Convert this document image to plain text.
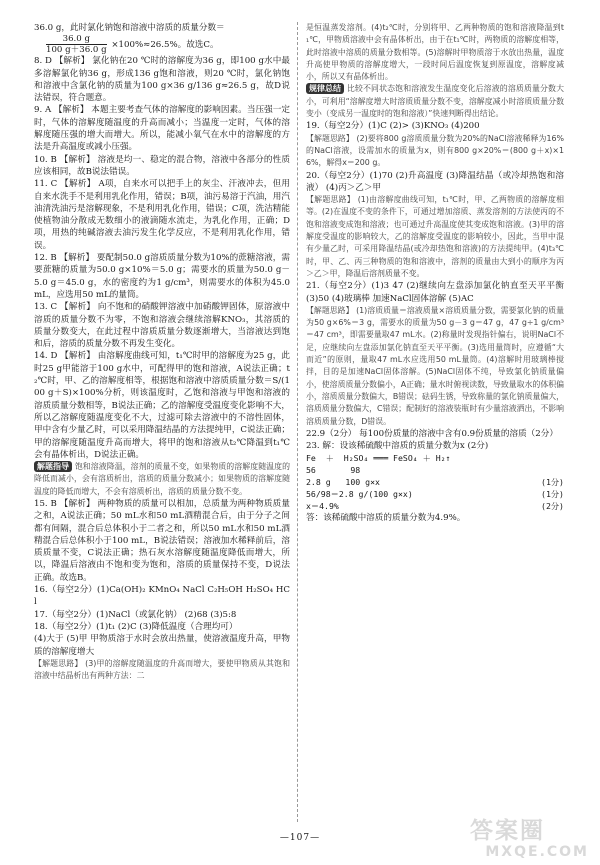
36.0 g，此时氯化钠饱和溶液中溶质的质量分数＝

$\frac{36.0 g}{100 g+36.0 g} \times 100\%\approx 26.5\%$。故选C。

8. D 【解析】 氯化钠在20 ℃时的溶解度为36 g，即100 g水中最多溶解氯化钠36 g，形成136 g饱和溶液，则20 ℃时，氯化钠饱和溶液中含氯化钠的质量为100 g×36 g/136 g≈26.5 g，故D说法错误，符合题意。

9. A 【解析】 本题主要考查气体的溶解度的影响因素。当压强一定时，气体的溶解度随温度的升高而减小；当温度一定时，气体的溶解度随压强的增大而增大。所以，能减小氧气在水中的溶解度的方法是升高温度或减小压强。

10. B 【解析】 溶液是均一、稳定的混合物，溶液中各部分的性质应该相同，故B说法错误。

11. C 【解析】 A项，自来水可以把手上的灰尘、汗液冲去，但用自来水洗手不是利用乳化作用，错误；B项，油污易溶于汽油，用汽油清洗油污是溶解现象，不是利用乳化作用，错误；C项，洗洁精能使植物油分散成无数细小的液滴随水流走，为乳化作用，正确；D项，用热的纯碱溶液去油污发生化学反应，不是利用乳化作用，错误。

12. B 【解析】 要配制50.0 g溶质质量分数为10%的蔗糖溶液，需要蔗糖的质量为50.0 g×10%＝5.0 g；需要水的质量为50.0 g－5.0 g＝45.0 g，水的密度约为1 g/cm³，则需要水的体积为45.0 mL，应选用50 mL的量筒。

13. C 【解析】 向不饱和的硝酸钾溶液中加硝酸钾固体，原溶液中溶质的质量分数不为零，不饱和溶液会继续溶解KNO₃，其溶质的质量分数变大，在此过程中溶质质量分数逐渐增大，当溶液达到饱和后，溶质的质量分数不再发生变化。

14. D 【解析】 由溶解度曲线可知，t₁℃时甲的溶解度为25 g，此时25 g甲能溶于100 g水中，可配得甲的饱和溶液，A说法正确；t₂℃时，甲、乙的溶解度相等，根据饱和溶液中溶质质量分数＝S/(100 g＋S)×100%分析，则该温度时，乙饱和溶液与甲饱和溶液的溶质质量分数相等，B说法正确；乙的溶解度受温度变化影响不大，所以乙溶解度随温度变化不大，过滤可除去溶液中的不溶性固体，甲中含有少量乙时，可以采用降温结晶的方法提纯甲，C说法正确；甲的溶解度随温度升高而增大，将甲的饱和溶液从t₂℃降温到t₁℃会有晶体析出，D说法正确。

解题指导 饱和溶液降温，溶剂的质量不变，如果物质的溶解度随温度的降低而减小，会有溶质析出，溶质的质量分数减小；如果物质的溶解度随温度的降低而增大，不会有溶质析出，溶质的质量分数不变。

15. B 【解析】 两种物质的质量可以相加，总质量为两种物质质量之和，A说法正确；50 mL水和50 mL酒精混合后，由于分子之间都有间隔，混合后总体积小于二者之和，所以50 mL水和50 mL酒精混合后总体积小于100 mL，B说法错误；溶液加水稀释前后，溶质质量不变，C说法正确；热石灰水溶解度随温度降低而增大，所以，降温后溶液由不饱和变为饱和，溶质的质量保持不变，D说法正确。故选B。

16.（每空2分）(1)Ca(OH)₂ KMnO₄ NaCl C₂H₅OH H₂SO₄ HCl

17.（每空2分）(1)NaCl（或氯化钠） (2)68 (3)5:8

18.（每空2分）(1)t₁ (2)C (3)降低温度（合理均可）

(4)大于 (5)甲 甲物质溶于水时会放出热量，使溶液温度升高，甲物质的溶解度增大

【解题思路】 (3)甲的溶解度随温度的升高而增大，要使甲物质从其饱和溶液中结晶析出有两种方法：二

是恒温蒸发溶剂。(4)t₂℃时，分别将甲、乙两种物质的饱和溶液降温到t₁℃，甲物质溶液中会有晶体析出，由于在t₁℃时，两物质的溶解度相等，此时溶液中溶质的质量分数相等。(5)溶解时甲物质溶于水放出热量，温度升高使甲物质的溶解度增大，一段时间后温度恢复到原温度，溶解度减小，所以又有晶体析出。

规律总结 比较不同状态饱和溶液发生温度变化后溶液的溶质质量分数大小，可利用“溶解度增大时溶质质量分数不变，溶解度减小时溶质质量分数变小（变成另一温度时的饱和溶液）”快速判断得出结论。

19.（每空2分）(1)C (2)> (3)KNO₃ (4)200

【解题思路】 (2)要将800 g溶质质量分数为20%的NaCl溶液稀释为16%的NaCl溶液，设需加水的质量为x，则有800 g×20%＝(800 g＋x)×16%，解得x＝200 g。

20.（每空2分）(1)70 (2)升高温度 (3)降温结晶（或冷却热饱和溶液） (4)丙＞乙＞甲

【解题思路】 (1)由溶解度曲线可知，t₁℃时，甲、乙两物质的溶解度相等。(2)在温度不变的条件下，可通过增加溶质、蒸发溶剂的方法使丙的不饱和溶液变成饱和溶液；也可通过升高温度使其变成饱和溶液。(3)甲的溶解度受温度的影响较大，乙的溶解度受温度的影响较小，因此，当甲中混有少量乙时，可采用降温结晶(或冷却热饱和溶液)的方法提纯甲。(4)t₃℃时，甲、乙、丙三种物质的饱和溶液中，溶剂的质量由大到小的顺序为丙＞乙＞甲，降温后溶剂质量不变。

21.（每空2分）(1)3 47 (2)继续向左盘添加氯化钠直至天平平衡 (3)50 (4)玻璃棒 加速NaCl固体溶解 (5)AC

【解题思路】 (1)溶质质量＝溶液质量×溶质质量分数，需要氯化钠的质量为50 g×6%＝3 g，需要水的质量为50 g－3 g＝47 g，47 g÷1 g/cm³＝47 cm³，即需要量取47 mL水。(2)称量时发现指针偏右，说明NaCl不足，应继续向左盘添加氯化钠直至天平平衡。(3)选用量筒时，应遵循“大而近”的原则，量取47 mL水应选用50 mL量筒。(4)溶解时用玻璃棒搅拌，目的是加速NaCl固体溶解。(5)NaCl固体不纯，导致氯化钠质量偏小，使溶质质量分数偏小，A正确；量水时俯视读数，导致量取水的体积偏小，溶质质量分数偏大，B错误；砝码生锈，导致称量的氯化钠质量偏大，溶质质量分数偏大，C错误；配制好的溶液装瓶时有少量溶液洒出，不影响溶质质量分数，D错误。

22.9（2分） 每100份质量的溶液中含有0.9份质量的溶质（2分）

23. 解：设该稀硫酸中溶质的质量分数为x (2分)

Fe  ＋  H₂SO₄ ═══ FeSO₄ ＋ H₂↑

56       98

2.8 g   100 g×x	(1分)

56/98＝2.8 g/(100 g×x)	(1分)

x＝4.9%	(2分)

答：该稀硫酸中溶质的质量分数为4.9%。

—107—	答案圈
MXQE.COM
